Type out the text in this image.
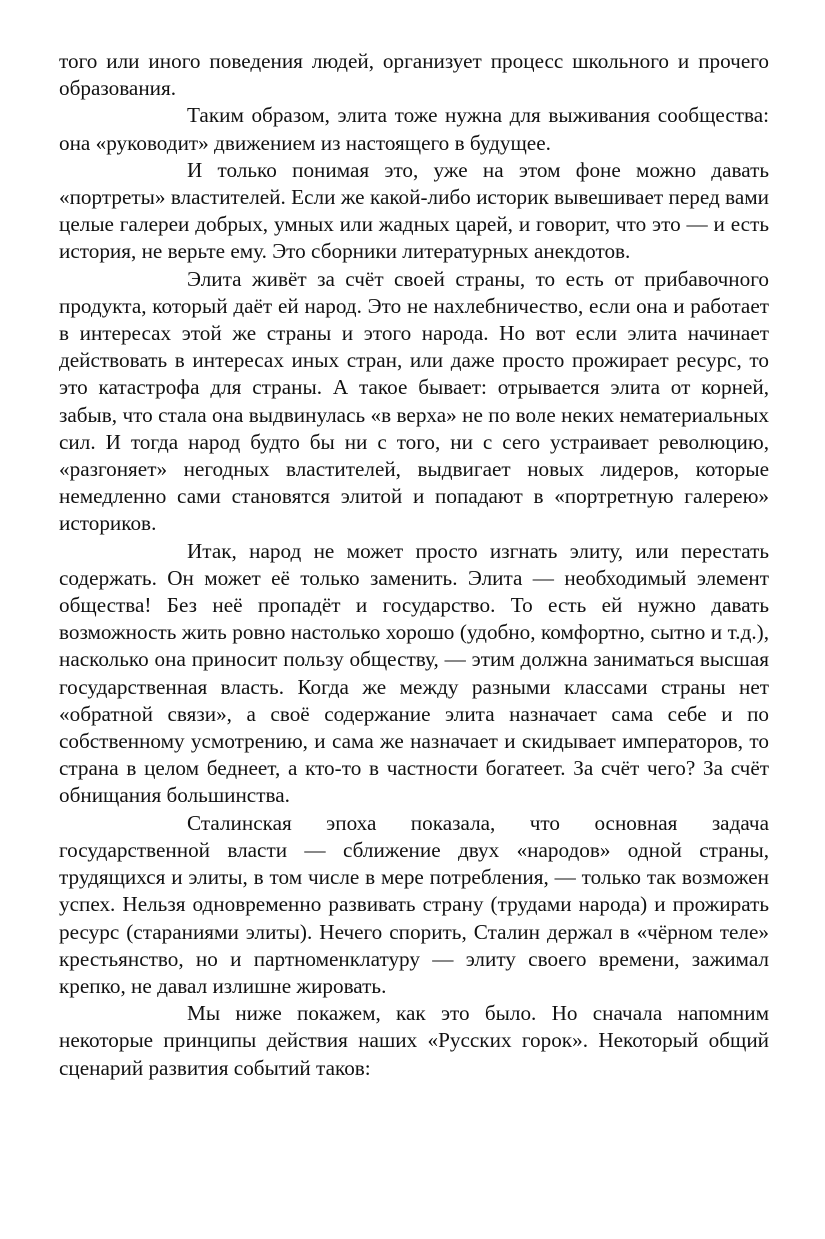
того или иного поведения людей, организует процесс школьного и прочего образования.

Таким образом, элита тоже нужна для выживания сообщества: она «руководит» движением из настоящего в будущее.

И только понимая это, уже на этом фоне можно давать «портреты» властителей. Если же какой-либо историк вывешивает перед вами целые галереи добрых, умных или жадных царей, и говорит, что это — и есть история, не верьте ему. Это сборники литературных анекдотов.

Элита живёт за счёт своей страны, то есть от прибавочного продукта, который даёт ей народ. Это не нахлебничество, если она и работает в интересах этой же страны и этого народа. Но вот если элита начинает действовать в интересах иных стран, или даже просто прожирает ресурс, то это катастрофа для страны. А такое бывает: отрывается элита от корней, забыв, что стала она выдвинулась «в верха» не по воле неких нематериальных сил. И тогда народ будто бы ни с того, ни с сего устраивает революцию, «разгоняет» негодных властителей, выдвигает новых лидеров, которые немедленно сами становятся элитой и попадают в «портретную галерею» историков.

Итак, народ не может просто изгнать элиту, или перестать содержать. Он может её только заменить. Элита — необходимый элемент общества! Без неё пропадёт и государство. То есть ей нужно давать возможность жить ровно настолько хорошо (удобно, комфортно, сытно и т.д.), насколько она приносит пользу обществу, — этим должна заниматься высшая государственная власть. Когда же между разными классами страны нет «обратной связи», а своё содержание элита назначает сама себе и по собственному усмотрению, и сама же назначает и скидывает императоров, то страна в целом беднеет, а кто-то в частности богатеет. За счёт чего? За счёт обнищания большинства.

Сталинская эпоха показала, что основная задача государственной власти — сближение двух «народов» одной страны, трудящихся и элиты, в том числе в мере потребления, — только так возможен успех. Нельзя одновременно развивать страну (трудами народа) и прожирать ресурс (стараниями элиты). Нечего спорить, Сталин держал в «чёрном теле» крестьянство, но и партноменклатуру — элиту своего времени, зажимал крепко, не давал излишне жировать.

Мы ниже покажем, как это было. Но сначала напомним некоторые принципы действия наших «Русских горок». Некоторый общий сценарий развития событий таков:
